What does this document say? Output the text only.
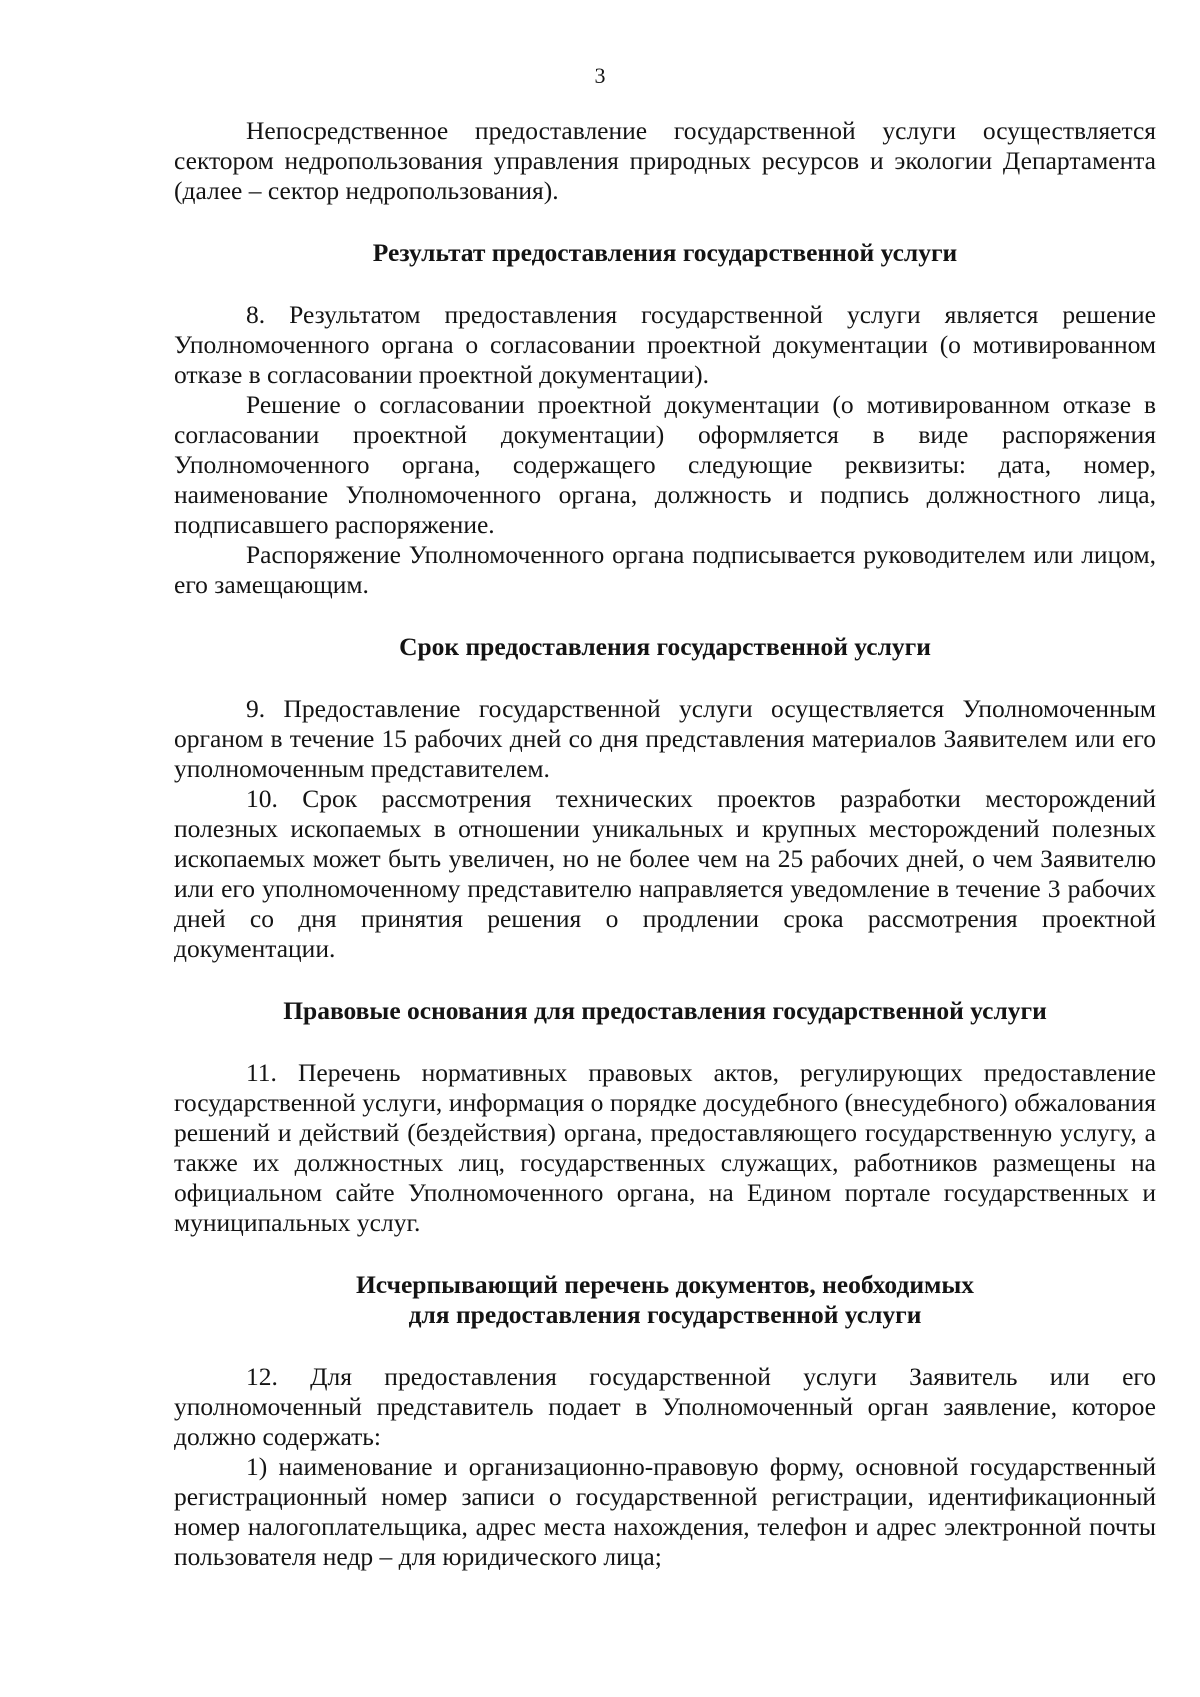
3

Непосредственное предоставление государственной услуги осуществляется сектором недропользования управления природных ресурсов и экологии Департамента (далее – сектор недропользования).

Результат предоставления государственной услуги

8. Результатом предоставления государственной услуги является решение Уполномоченного органа о согласовании проектной документации (о мотивированном отказе в согласовании проектной документации).

Решение о согласовании проектной документации (о мотивированном отказе в согласовании проектной документации) оформляется в виде распоряжения Уполномоченного органа, содержащего следующие реквизиты: дата, номер, наименование Уполномоченного органа, должность и подпись должностного лица, подписавшего распоряжение.

Распоряжение Уполномоченного органа подписывается руководителем или лицом, его замещающим.

Срок предоставления государственной услуги

9. Предоставление государственной услуги осуществляется Уполномоченным органом в течение 15 рабочих дней со дня представления материалов Заявителем или его уполномоченным представителем.

10. Срок рассмотрения технических проектов разработки месторождений полезных ископаемых в отношении уникальных и крупных месторождений полезных ископаемых может быть увеличен, но не более чем на 25 рабочих дней, о чем Заявителю или его уполномоченному представителю направляется уведомление в течение 3 рабочих дней со дня принятия решения о продлении срока рассмотрения проектной документации.

Правовые основания для предоставления государственной услуги

11. Перечень нормативных правовых актов, регулирующих предоставление государственной услуги, информация о порядке досудебного (внесудебного) обжалования решений и действий (бездействия) органа, предоставляющего государственную услугу, а также их должностных лиц, государственных служащих, работников размещены на официальном сайте Уполномоченного органа, на Едином портале государственных и муниципальных услуг.

Исчерпывающий перечень документов, необходимых

для предоставления государственной услуги

12. Для предоставления государственной услуги Заявитель или его уполномоченный представитель подает в Уполномоченный орган заявление, которое должно содержать:

1) наименование и организационно-правовую форму, основной государственный регистрационный номер записи о государственной регистрации, идентификационный номер налогоплательщика, адрес места нахождения, телефон и адрес электронной почты пользователя недр – для юридического лица;
